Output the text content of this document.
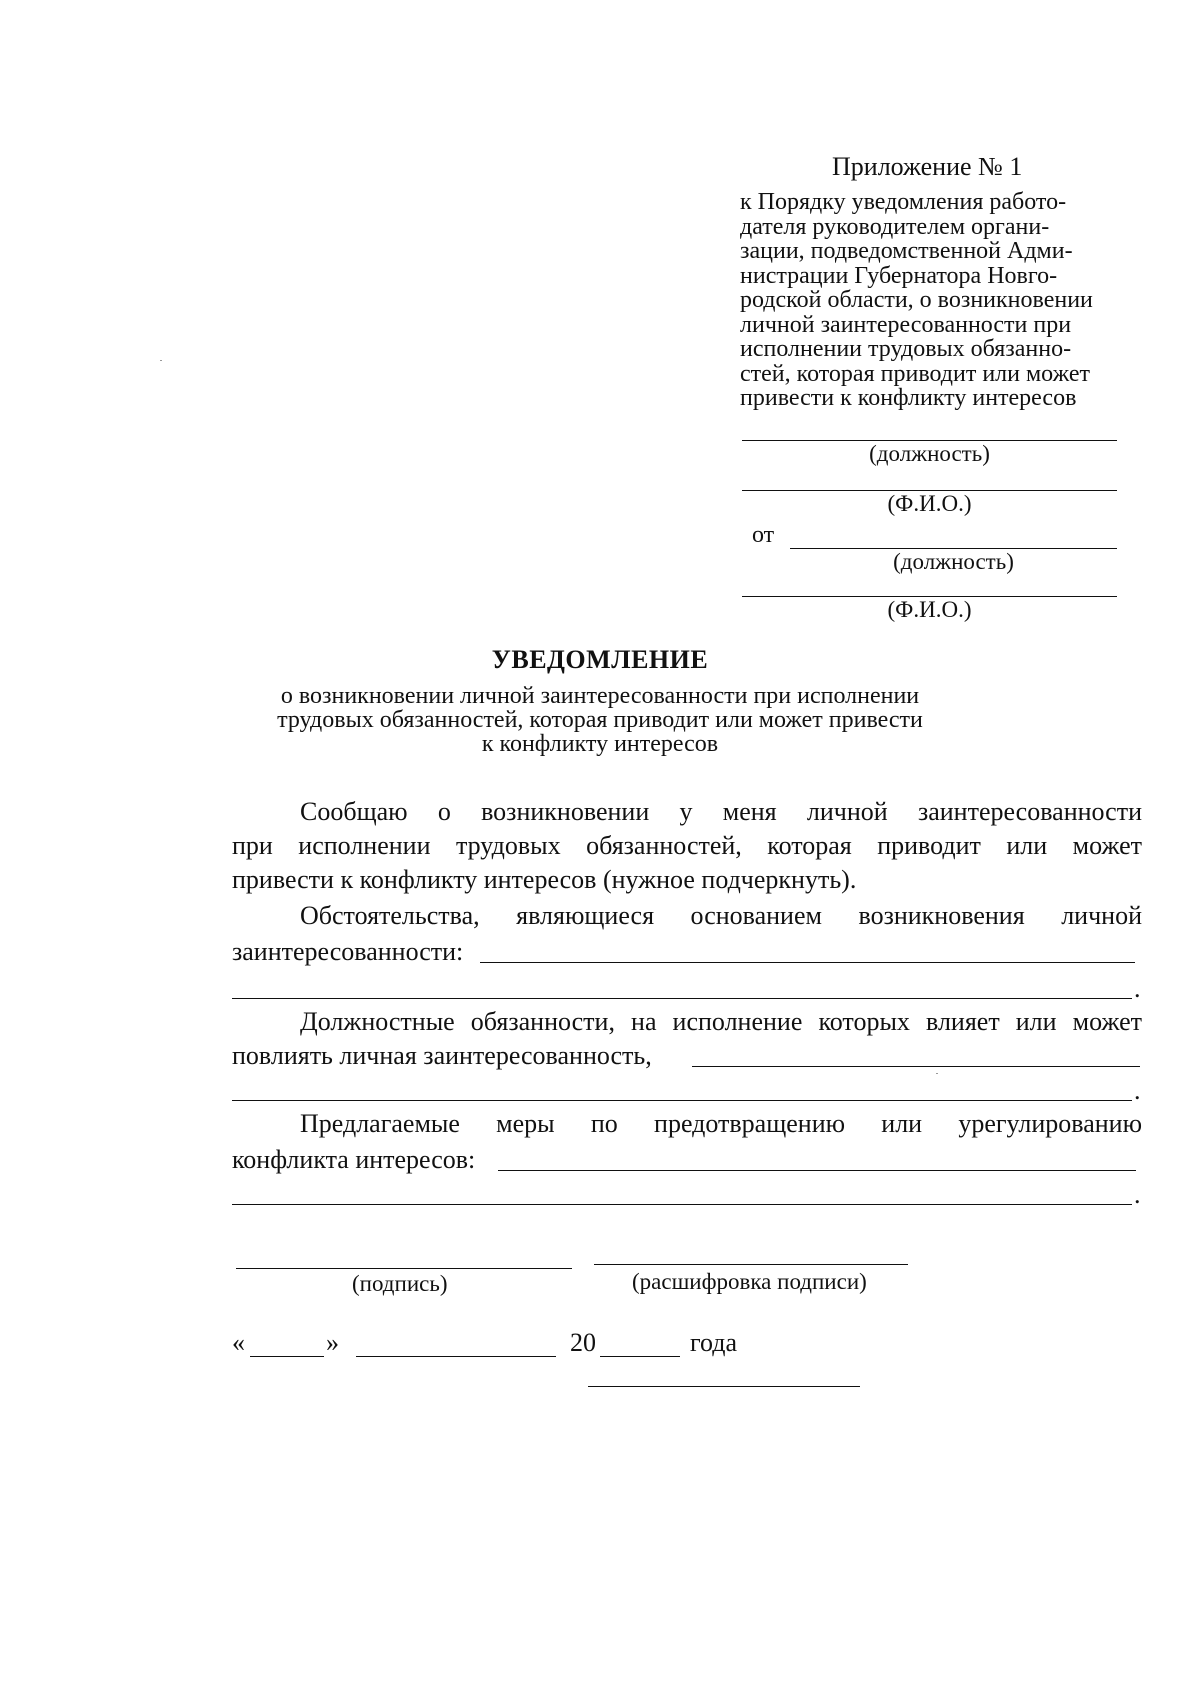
Приложение № 1
к Порядку уведомления работо-
дателя руководителем органи-
зации, подведомственной Адми-
нистрации Губернатора Новго-
родской области, о возникновении
личной заинтересованности при
исполнении трудовых обязанно-
стей, которая приводит или может
привести к конфликту интересов
(должность)
(Ф.И.О.)
от
(должность)
(Ф.И.О.)
УВЕДОМЛЕНИЕ
о возникновении личной заинтересованности при исполнении
трудовых обязанностей, которая приводит или может привести
к конфликту интересов
Сообщаю о возникновении у меня личной заинтересованности
при исполнении трудовых обязанностей, которая приводит или может
привести к конфликту интересов (нужное подчеркнуть).
Обстоятельства, являющиеся основанием возникновения личной
заинтересованности:
.
Должностные обязанности, на исполнение которых влияет или может
повлиять личная заинтересованность,
.
Предлагаемые меры по предотвращению или урегулированию
конфликта интересов:
.
(подпись)	(расшифровка подписи)
«	»	20	года
